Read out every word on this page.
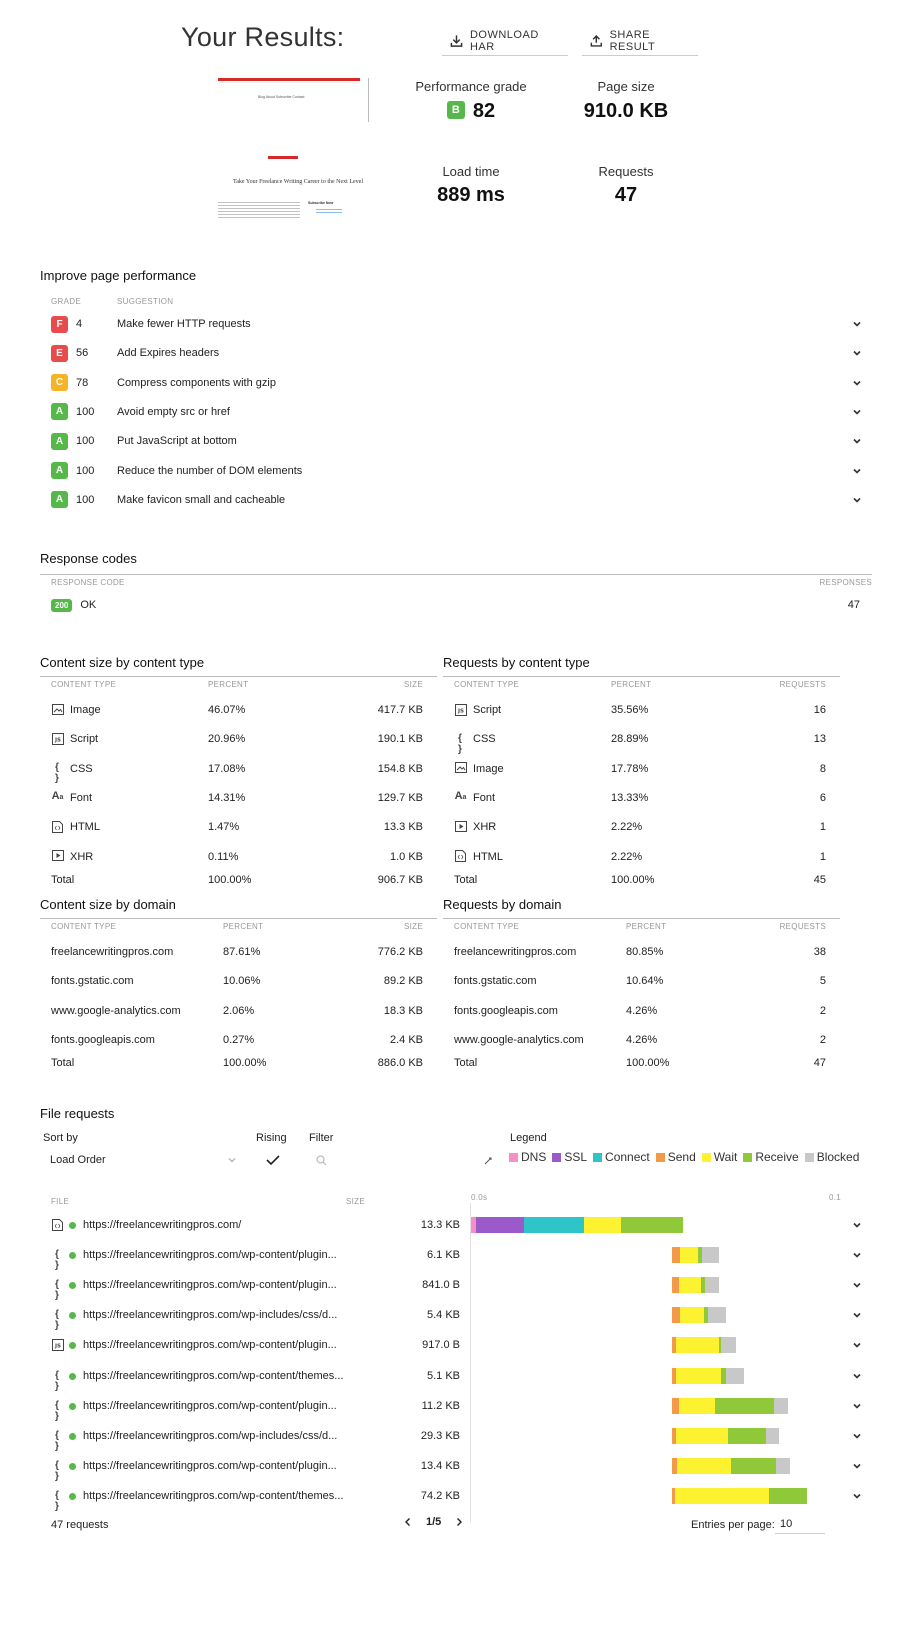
Your Results:	DOWNLOAD HAR
SHARE RESULT
Blog About Subscribe Contact
Take Your Freelance Writing Career to the Next Level
Subscribe Now
Performance grade
B 82
Page size
910.0 KB
Load time
889 ms
Requests
47
Improve page performance
GRADE	SUGGESTION
F	4	Make fewer HTTP requests
E	56	Add Expires headers
C	78	Compress components with gzip
A	100 Avoid empty src or href
A	100 Put JavaScript at bottom
A	100 Reduce the number of DOM elements
A	100 Make favicon small and cacheable
Response codes
RESPONSE CODE	RESPONSES
200	OK	47
Content size by content type
CONTENT TYPE	PERCENT	SIZE
Image	46.07%	417.7 KB
JS Script	20.96%	190.1 KB
{ }
CSS	17.08%	154.8 KB
Aa Font	14.31%	129.7 KB
HTML	1.47%	13.3 KB
XHR	0.11%	1.0 KB
Total	100.00%	906.7 KB
Requests by content type
CONTENT TYPE	PERCENT	REQUESTS
JS Script	35.56%	16
{ }
CSS	28.89%	13
Image	17.78%	8
Aa Font	13.33%	6
XHR	2.22%	1
HTML	2.22%	1
Total	100.00%	45
Content size by domain
CONTENT TYPE	PERCENT	SIZE
freelancewritingpros.com	87.61%	776.2 KB
fonts.gstatic.com	10.06%	89.2 KB
www.google-analytics.com	2.06%	18.3 KB
fonts.googleapis.com	0.27%	2.4 KB
Total	100.00%	886.0 KB
Requests by domain
CONTENT TYPE	PERCENT	REQUESTS
freelancewritingpros.com	80.85%	38
fonts.gstatic.com	10.64%	5
fonts.googleapis.com	4.26%	2
www.google-analytics.com	4.26%	2
Total	100.00%	47
File requests
Sort by
Load Order
Rising Filter	Legend
DNS SSL Connect Send Wait Receive Blocked
FILE	SIZE	0.0s	0.1
https://freelancewritingpros.com/	13.3 KB
{ }
https://freelancewritingpros.com/wp-content/plugin...	6.1 KB
{ }
https://freelancewritingpros.com/wp-content/plugin...	841.0 B
{ }
https://freelancewritingpros.com/wp-includes/css/d...	5.4 KB
JS https://freelancewritingpros.com/wp-content/plugin...	917.0 B
{ }
https://freelancewritingpros.com/wp-content/themes...	5.1 KB
{ }
https://freelancewritingpros.com/wp-content/plugin...	11.2 KB
{ }
https://freelancewritingpros.com/wp-includes/css/d...	29.3 KB
{ }
https://freelancewritingpros.com/wp-content/plugin...	13.4 KB
{ }
https://freelancewritingpros.com/wp-content/themes...	74.2 KB
47 requests	1/5	Entries per page: 10
